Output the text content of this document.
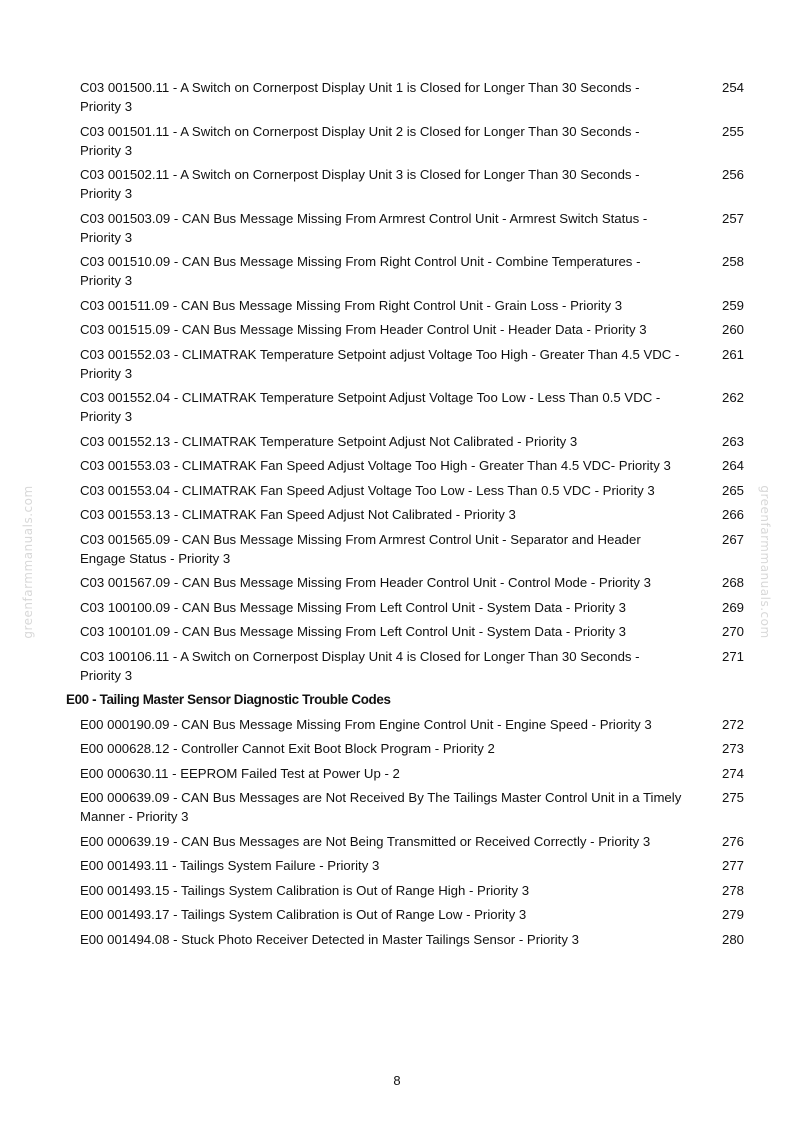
C03 001500.11 - A Switch on Cornerpost Display Unit 1 is Closed for Longer Than 30 Seconds - Priority 3
254
C03 001501.11 - A Switch on Cornerpost Display Unit 2 is Closed for Longer Than 30 Seconds - Priority 3
255
C03 001502.11 - A Switch on Cornerpost Display Unit 3 is Closed for Longer Than 30 Seconds - Priority 3
256
C03 001503.09 - CAN Bus Message Missing From Armrest Control Unit - Armrest Switch Status - Priority 3
257
C03 001510.09 - CAN Bus Message Missing From Right Control Unit - Combine Temperatures - Priority 3
258
C03 001511.09 - CAN Bus Message Missing From Right Control Unit - Grain Loss - Priority 3	259
C03 001515.09 - CAN Bus Message Missing From Header Control Unit - Header Data - Priority 3	260
C03 001552.03 - CLIMATRAK Temperature Setpoint adjust Voltage Too High - Greater Than 4.5 VDC - Priority 3
261
C03 001552.04 - CLIMATRAK Temperature Setpoint Adjust Voltage Too Low - Less Than 0.5 VDC - Priority 3
262
C03 001552.13 - CLIMATRAK Temperature Setpoint Adjust Not Calibrated - Priority 3	263
C03 001553.03 - CLIMATRAK Fan Speed Adjust Voltage Too High - Greater Than 4.5 VDC- Priority 3	264
C03 001553.04 - CLIMATRAK Fan Speed Adjust Voltage Too Low - Less Than 0.5 VDC - Priority 3	265
C03 001553.13 - CLIMATRAK Fan Speed Adjust Not Calibrated - Priority 3	266
C03 001565.09 - CAN Bus Message Missing From Armrest Control Unit - Separator and Header Engage Status - Priority 3
267
C03 001567.09 - CAN Bus Message Missing From Header Control Unit - Control Mode - Priority 3	268
C03 100100.09 - CAN Bus Message Missing From Left Control Unit - System Data - Priority 3	269
C03 100101.09 - CAN Bus Message Missing From Left Control Unit - System Data - Priority 3	270
C03 100106.11 - A Switch on Cornerpost Display Unit 4 is Closed for Longer Than 30 Seconds - Priority 3
271
E00 - Tailing Master Sensor Diagnostic Trouble Codes
E00 000190.09 - CAN Bus Message Missing From Engine Control Unit - Engine Speed - Priority 3	272
E00 000628.12 - Controller Cannot Exit Boot Block Program - Priority 2	273
E00 000630.11 - EEPROM Failed Test at Power Up - 2	274
E00 000639.09 - CAN Bus Messages are Not Received By The Tailings Master Control Unit in a Timely Manner - Priority 3
275
E00 000639.19 - CAN Bus Messages are Not Being Transmitted or Received Correctly - Priority 3	276
E00 001493.11 - Tailings System Failure - Priority 3	277
E00 001493.15 - Tailings System Calibration is Out of Range High - Priority 3	278
E00 001493.17 - Tailings System Calibration is Out of Range Low - Priority 3	279
E00 001494.08 - Stuck Photo Receiver Detected in Master Tailings Sensor - Priority 3	280
8
greenfarmmanuals.com	greenfarmmanuals.com
